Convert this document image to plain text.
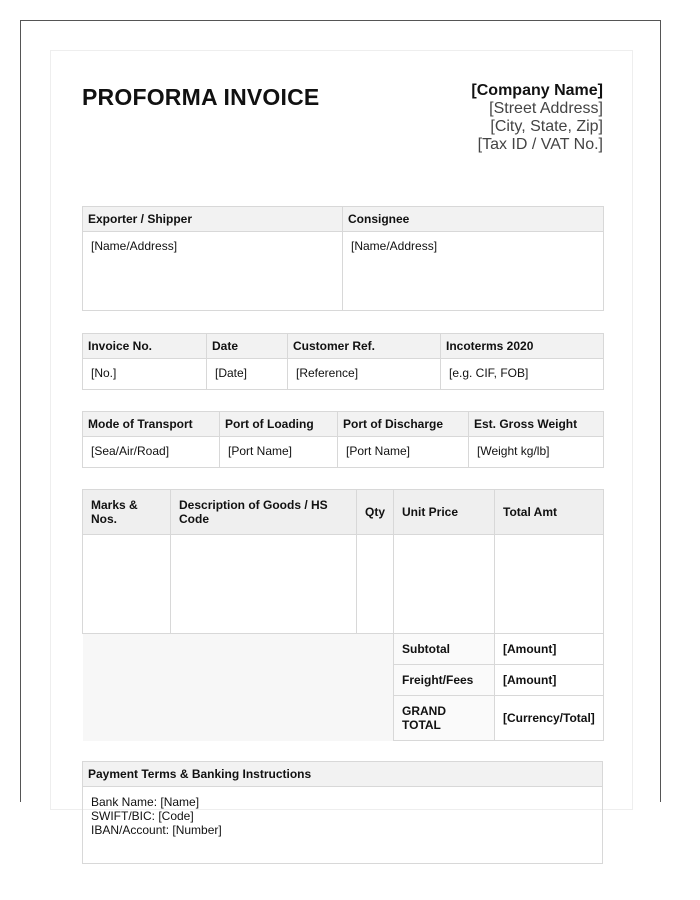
PROFORMA INVOICE	[Company Name]
[Street Address]
[City, State, Zip]
[Tax ID / VAT No.]
Exporter / Shipper	Consignee
[Name/Address]	[Name/Address]
Invoice No.	Date	Customer Ref.	Incoterms 2020
[No.]	[Date]	[Reference]	[e.g. CIF, FOB]
Mode of Transport	Port of Loading	Port of Discharge	Est. Gross Weight
[Sea/Air/Road]	[Port Name]	[Port Name]	[Weight kg/lb]
Marks & Nos.	Description of Goods / HS Code	Qty	Unit Price	Total Amt

			Subtotal	[Amount]
			Freight/Fees	[Amount]
			GRAND TOTAL	[Currency/Total]
Payment Terms & Banking Instructions
Bank Name: [Name]
SWIFT/BIC: [Code]
IBAN/Account: [Number]
